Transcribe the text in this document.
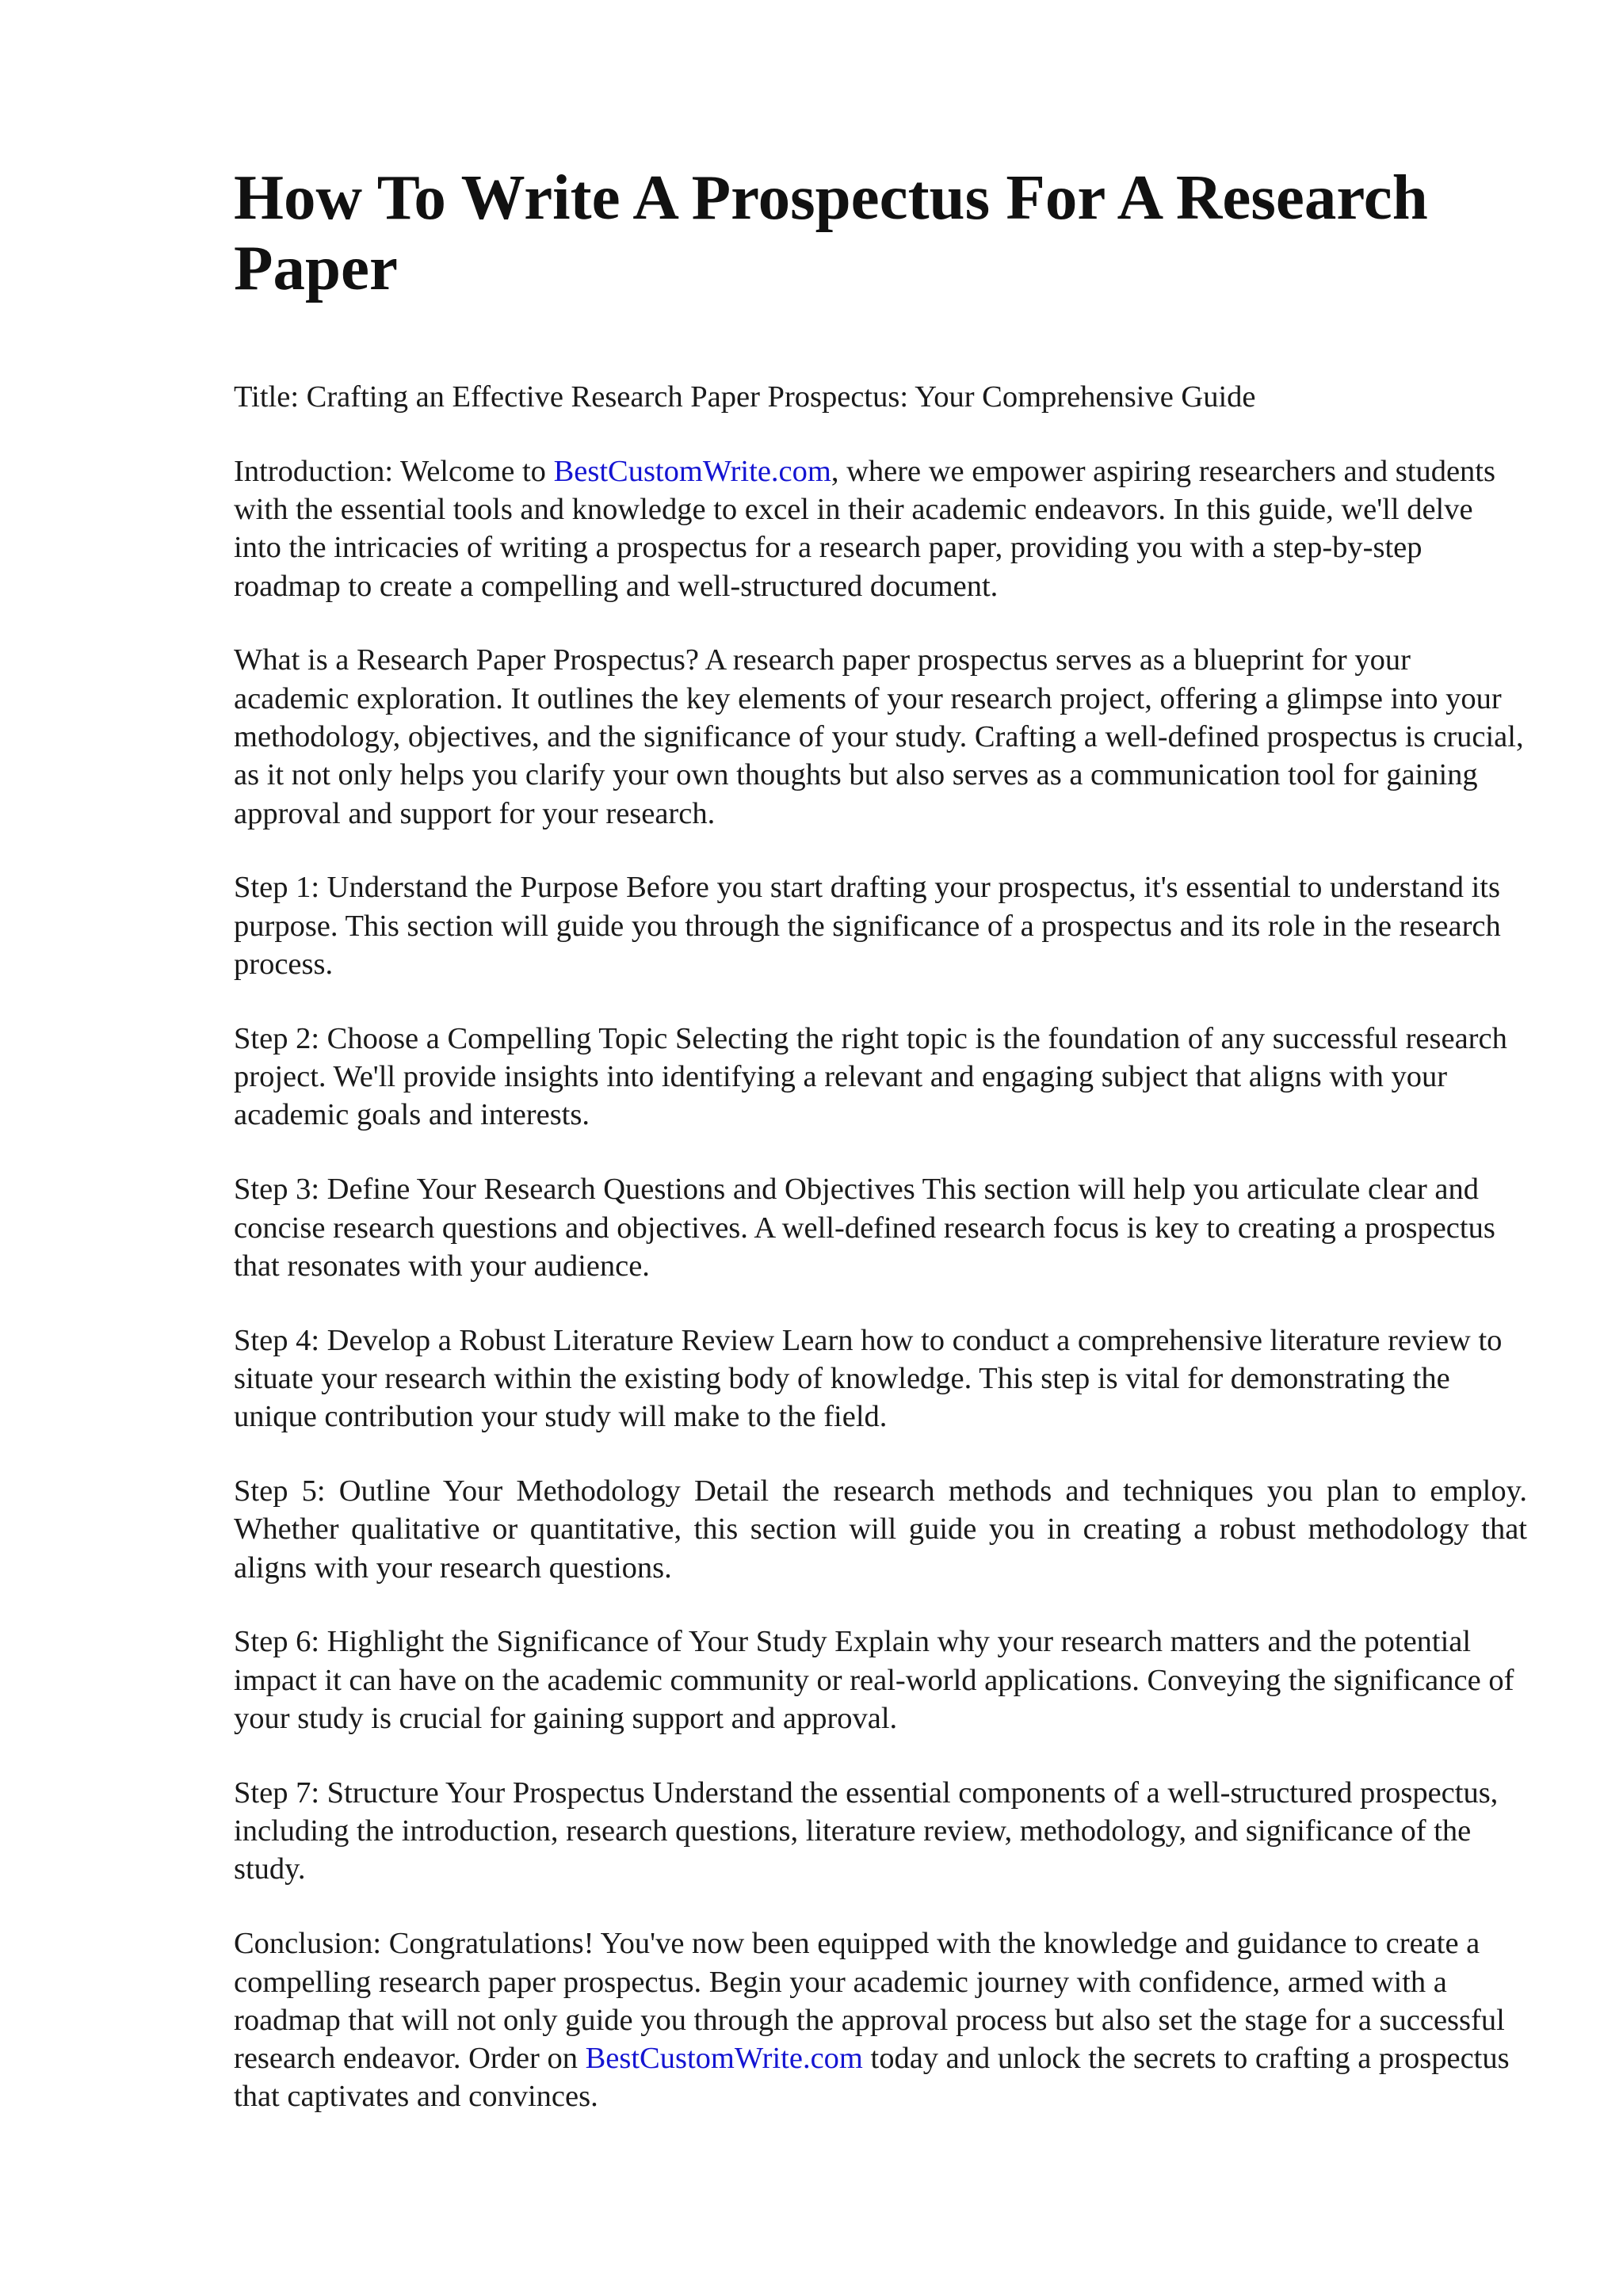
How To Write A Prospectus For A Research Paper

Title: Crafting an Effective Research Paper Prospectus: Your Comprehensive Guide

Introduction: Welcome to BestCustomWrite.com, where we empower aspiring researchers and students with the essential tools and knowledge to excel in their academic endeavors. In this guide, we'll delve into the intricacies of writing a prospectus for a research paper, providing you with a step-by-step roadmap to create a compelling and well-structured document.

What is a Research Paper Prospectus? A research paper prospectus serves as a blueprint for your academic exploration. It outlines the key elements of your research project, offering a glimpse into your methodology, objectives, and the significance of your study. Crafting a well-defined prospectus is crucial, as it not only helps you clarify your own thoughts but also serves as a communication tool for gaining approval and support for your research.

Step 1: Understand the Purpose Before you start drafting your prospectus, it's essential to understand its purpose. This section will guide you through the significance of a prospectus and its role in the research process.

Step 2: Choose a Compelling Topic Selecting the right topic is the foundation of any successful research project. We'll provide insights into identifying a relevant and engaging subject that aligns with your academic goals and interests.

Step 3: Define Your Research Questions and Objectives This section will help you articulate clear and concise research questions and objectives. A well-defined research focus is key to creating a prospectus that resonates with your audience.

Step 4: Develop a Robust Literature Review Learn how to conduct a comprehensive literature review to situate your research within the existing body of knowledge. This step is vital for demonstrating the unique contribution your study will make to the field.

Step 5: Outline Your Methodology Detail the research methods and techniques you plan to employ. Whether qualitative or quantitative, this section will guide you in creating a robust methodology that aligns with your research questions.

Step 6: Highlight the Significance of Your Study Explain why your research matters and the potential impact it can have on the academic community or real-world applications. Conveying the significance of your study is crucial for gaining support and approval.

Step 7: Structure Your Prospectus Understand the essential components of a well-structured prospectus, including the introduction, research questions, literature review, methodology, and significance of the study.

Conclusion: Congratulations! You've now been equipped with the knowledge and guidance to create a compelling research paper prospectus. Begin your academic journey with confidence, armed with a roadmap that will not only guide you through the approval process but also set the stage for a successful research endeavor. Order on BestCustomWrite.com today and unlock the secrets to crafting a prospectus that captivates and convinces.
